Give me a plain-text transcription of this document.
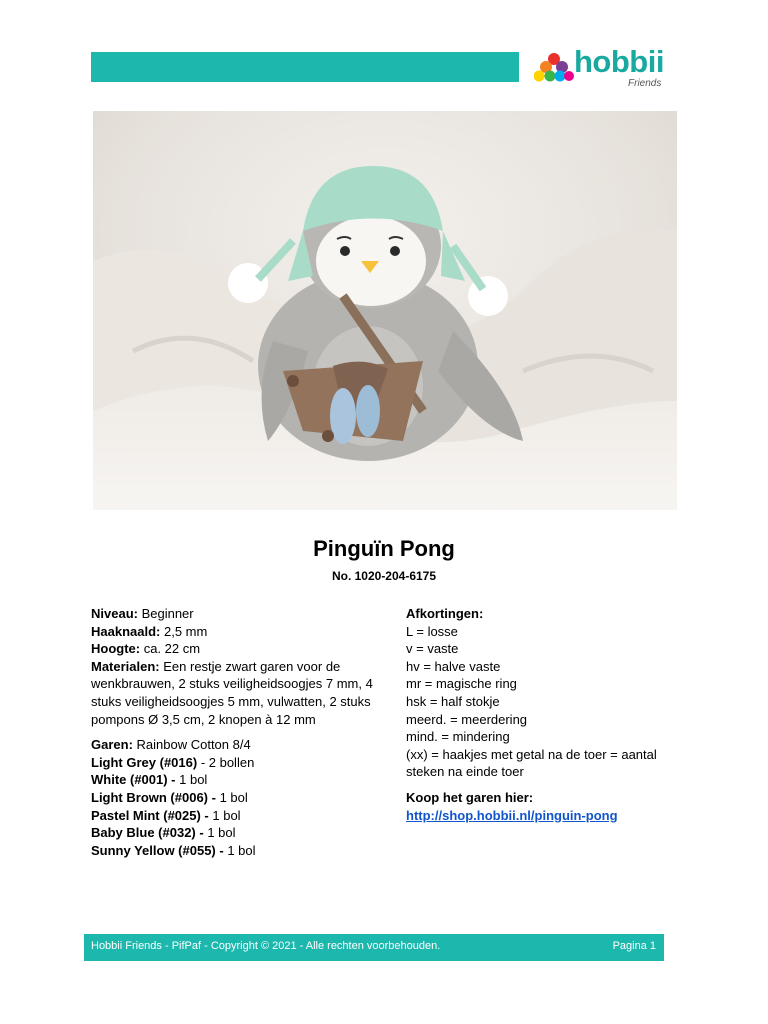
hobbii
Friends
Pinguïn Pong
No. 1020-204-6175
Niveau: Beginner
Haaknaald: 2,5 mm
Hoogte: ca. 22 cm
Materialen: Een restje zwart garen voor de wenkbrauwen, 2 stuks veiligheidsoogjes 7 mm, 4 stuks veiligheidsoogjes 5 mm, vulwatten, 2 stuks pompons Ø 3,5 cm, 2 knopen à 12 mm
Garen: Rainbow Cotton 8/4
Light Grey (#016) - 2 bollen
White (#001) - 1 bol
Light Brown (#006) - 1 bol
Pastel Mint (#025) - 1 bol
Baby Blue (#032) - 1 bol
Sunny Yellow (#055) - 1 bol
Afkortingen:
L = losse
v = vaste
hv = halve vaste
mr = magische ring
hsk = half stokje
meerd. = meerdering
mind. = mindering
(xx) = haakjes met getal na de toer = aantal steken na einde toer
Koop het garen hier:
http://shop.hobbii.nl/pinguin-pong
Hobbii Friends - PifPaf - Copyright © 2021 - Alle rechten voorbehouden.	Pagina 1
